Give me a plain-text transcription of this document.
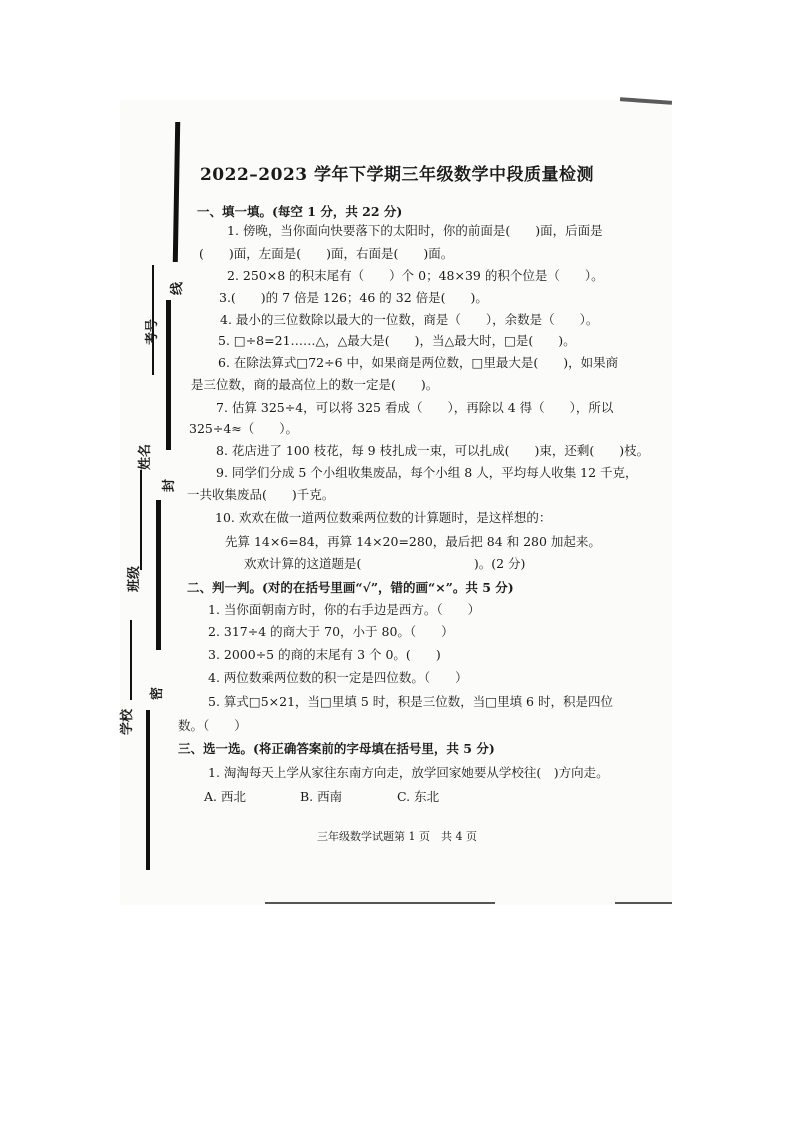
线
封
密
考号
姓名
班级
学校
2022–2023 学年下学期三年级数学中段质量检测
一、填一填。(每空 1 分，共 22 分)
1. 傍晚，当你面向快要落下的太阳时，你的前面是(　　)面，后面是
(　　)面，左面是(　　)面，右面是(　　)面。
2. 250×8 的积末尾有（　　）个 0；48×39 的积个位是（　　）。
3.(　　)的 7 倍是 126；46 的 32 倍是(　　)。
4. 最小的三位数除以最大的一位数，商是（　　），余数是（　　）。
5. □÷8=21……△，△最大是(　　)，当△最大时，□是(　　)。
6. 在除法算式□72÷6 中，如果商是两位数，□里最大是(　　)，如果商
是三位数，商的最高位上的数一定是(　　)。
7. 估算 325÷4，可以将 325 看成（　　），再除以 4 得（　　），所以
325÷4≈（　　）。
8. 花店进了 100 枝花，每 9 枝扎成一束，可以扎成(　　)束，还剩(　　)枝。
9. 同学们分成 5 个小组收集废品，每个小组 8 人，平均每人收集 12 千克，
一共收集废品(　　)千克。
10. 欢欢在做一道两位数乘两位数的计算题时，是这样想的：
先算 14×6=84，再算 14×20=280，最后把 84 和 280 加起来。
欢欢计算的这道题是(　　　　　　　　　)。(2 分)
二、判一判。(对的在括号里画“√”，错的画“×”。共 5 分)
1. 当你面朝南方时，你的右手边是西方。（　　）
2. 317÷4 的商大于 70，小于 80。（　　）
3. 2000÷5 的商的末尾有 3 个 0。(　　)
4. 两位数乘两位数的积一定是四位数。（　　）
5. 算式□5×21，当□里填 5 时，积是三位数，当□里填 6 时，积是四位
数。（　　）
三、选一选。(将正确答案前的字母填在括号里，共 5 分)
1. 淘淘每天上学从家往东南方向走，放学回家她要从学校往(　)方向走。
A. 西北	B. 西南	C. 东北
三年级数学试题第 1 页　共 4 页
